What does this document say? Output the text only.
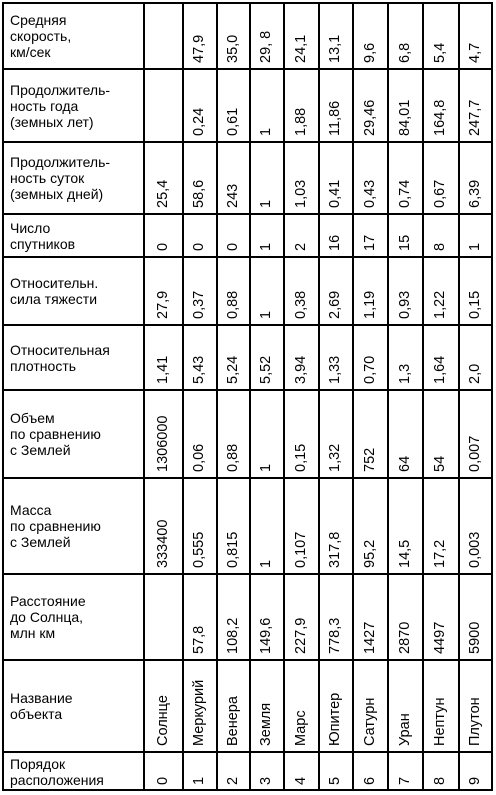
Средняя
скорость,
км/сек
Продолжитель-
ность года
(земных лет)
Продолжитель-
ность суток
(земных дней)
Число
спутников
Относительн.
сила тяжести
Относительная
плотность
Объем
по сравнению
с Землей
Масса
по сравнению
с Землей
Расстояние
до Солнца,
млн км
Название
объекта
Порядок
расположения
25,4
0
27,9
1,41
1306000
333400
Солнце
0
47,9
0,24
58,6
0
0,37
5,43
0,06
0,555
57,8
Меркурий
1
35,0
0,61
243
0
0,88
5,24
0,88
0,815
108,2
Венера
2
29, 8
1
1
1
1
5,52
1
1
149,6
Земля
3
24,1
1,88
1,03
2
0,38
3,94
0,15
0,107
227,9
Марс
4
13,1
11,86
0,41
16
2,69
1,33
1,32
317,8
778,3
Юпитер
5
9,6
29,46
0,43
17
1,19
0,70
752
95,2
1427
Сатурн
6
6,8
84,01
0,74
15
0,93
1,3
64
14,5
2870
Уран
7
5,4
164,8
0,67
8
1,22
1,64
54
17,2
4497
Нептун
8
4,7
247,7
6,39
1
0,15
2,0
0,007
0,003
5900
Плутон
9
